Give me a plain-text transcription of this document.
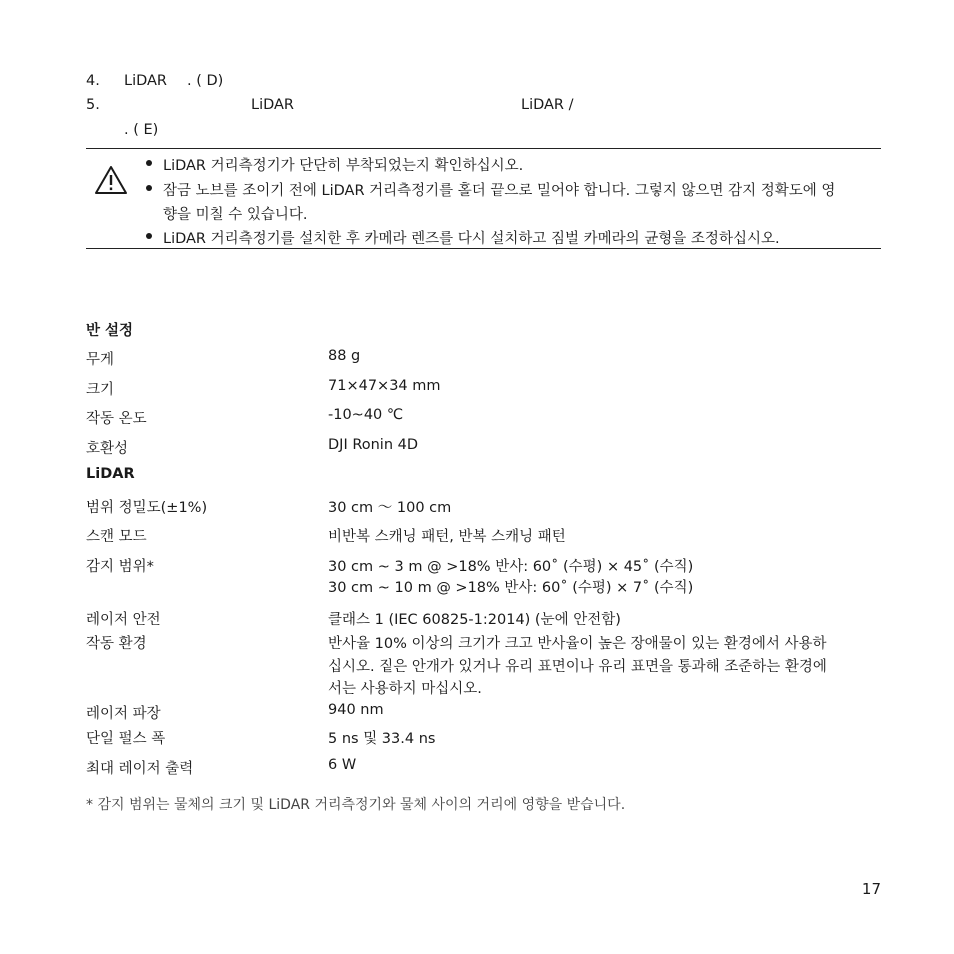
4. LiDAR . ( D)
5.	LiDAR	LiDAR /
. ( E)
LiDAR 거리측정기가 단단히 부착되었는지 확인하십시오.
잠금 노브를 조이기 전에 LiDAR 거리측정기를 홀더 끝으로 밀어야 합니다. 그렇지 않으면 감지 정확도에 영
향을 미칠 수 있습니다.
LiDAR 거리측정기를 설치한 후 카메라 렌즈를 다시 설치하고 짐벌 카메라의 균형을 조정하십시오.
반 설정
무게	88 g
크기	71×47×34 mm
작동 온도	-10~40 ℃
호환성	DJI Ronin 4D
LiDAR
범위 정밀도(±1%)	30 cm ～ 100 cm
스캔 모드	비반복 스캐닝 패턴, 반복 스캐닝 패턴
감지 범위*	30 cm ~ 3 m @ >18% 반사: 60˚ (수평) × 45˚ (수직)
30 cm ~ 10 m @ >18% 반사: 60˚ (수평) × 7˚ (수직)
레이저 안전	클래스 1 (IEC 60825-1:2014) (눈에 안전함)
작동 환경	반사율 10% 이상의 크기가 크고 반사율이 높은 장애물이 있는 환경에서 사용하
십시오. 짙은 안개가 있거나 유리 표면이나 유리 표면을 통과해 조준하는 환경에
서는 사용하지 마십시오.
레이저 파장	940 nm
단일 펄스 폭	5 ns 및 33.4 ns
최대 레이저 출력	6 W
* 감지 범위는 물체의 크기 및 LiDAR 거리측정기와 물체 사이의 거리에 영향을 받습니다.
17
